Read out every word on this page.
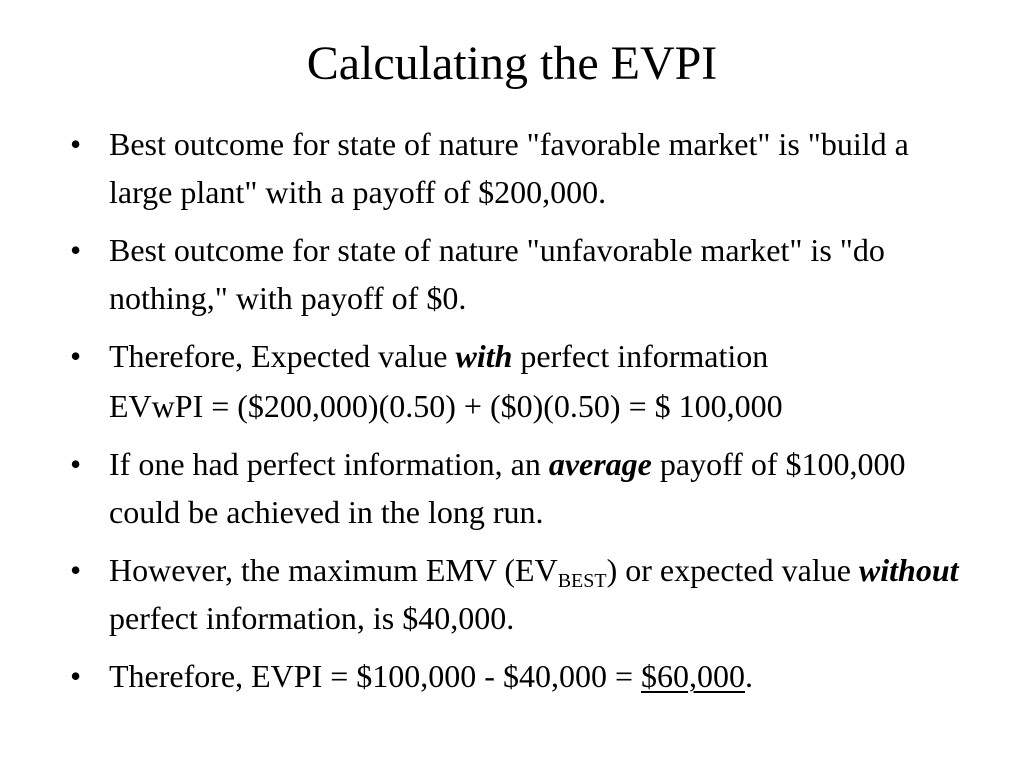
Calculating the EVPI
• Best outcome for state of nature "favorable market" is "build a large plant" with a payoff of $200,000.
• Best outcome for state of nature "unfavorable market" is "do nothing," with payoff of $0.
• Therefore, Expected value with perfect information
EVwPI = ($200,000)(0.50) + ($0)(0.50) = $ 100,000
• If one had perfect information, an average payoff of $100,000 could be achieved in the long run.
• However, the maximum EMV $(EV_{BEST})$ or expected value without perfect information, is $40,000.
• Therefore, EVPI = $100,000 - $40,000 = $60,000.
